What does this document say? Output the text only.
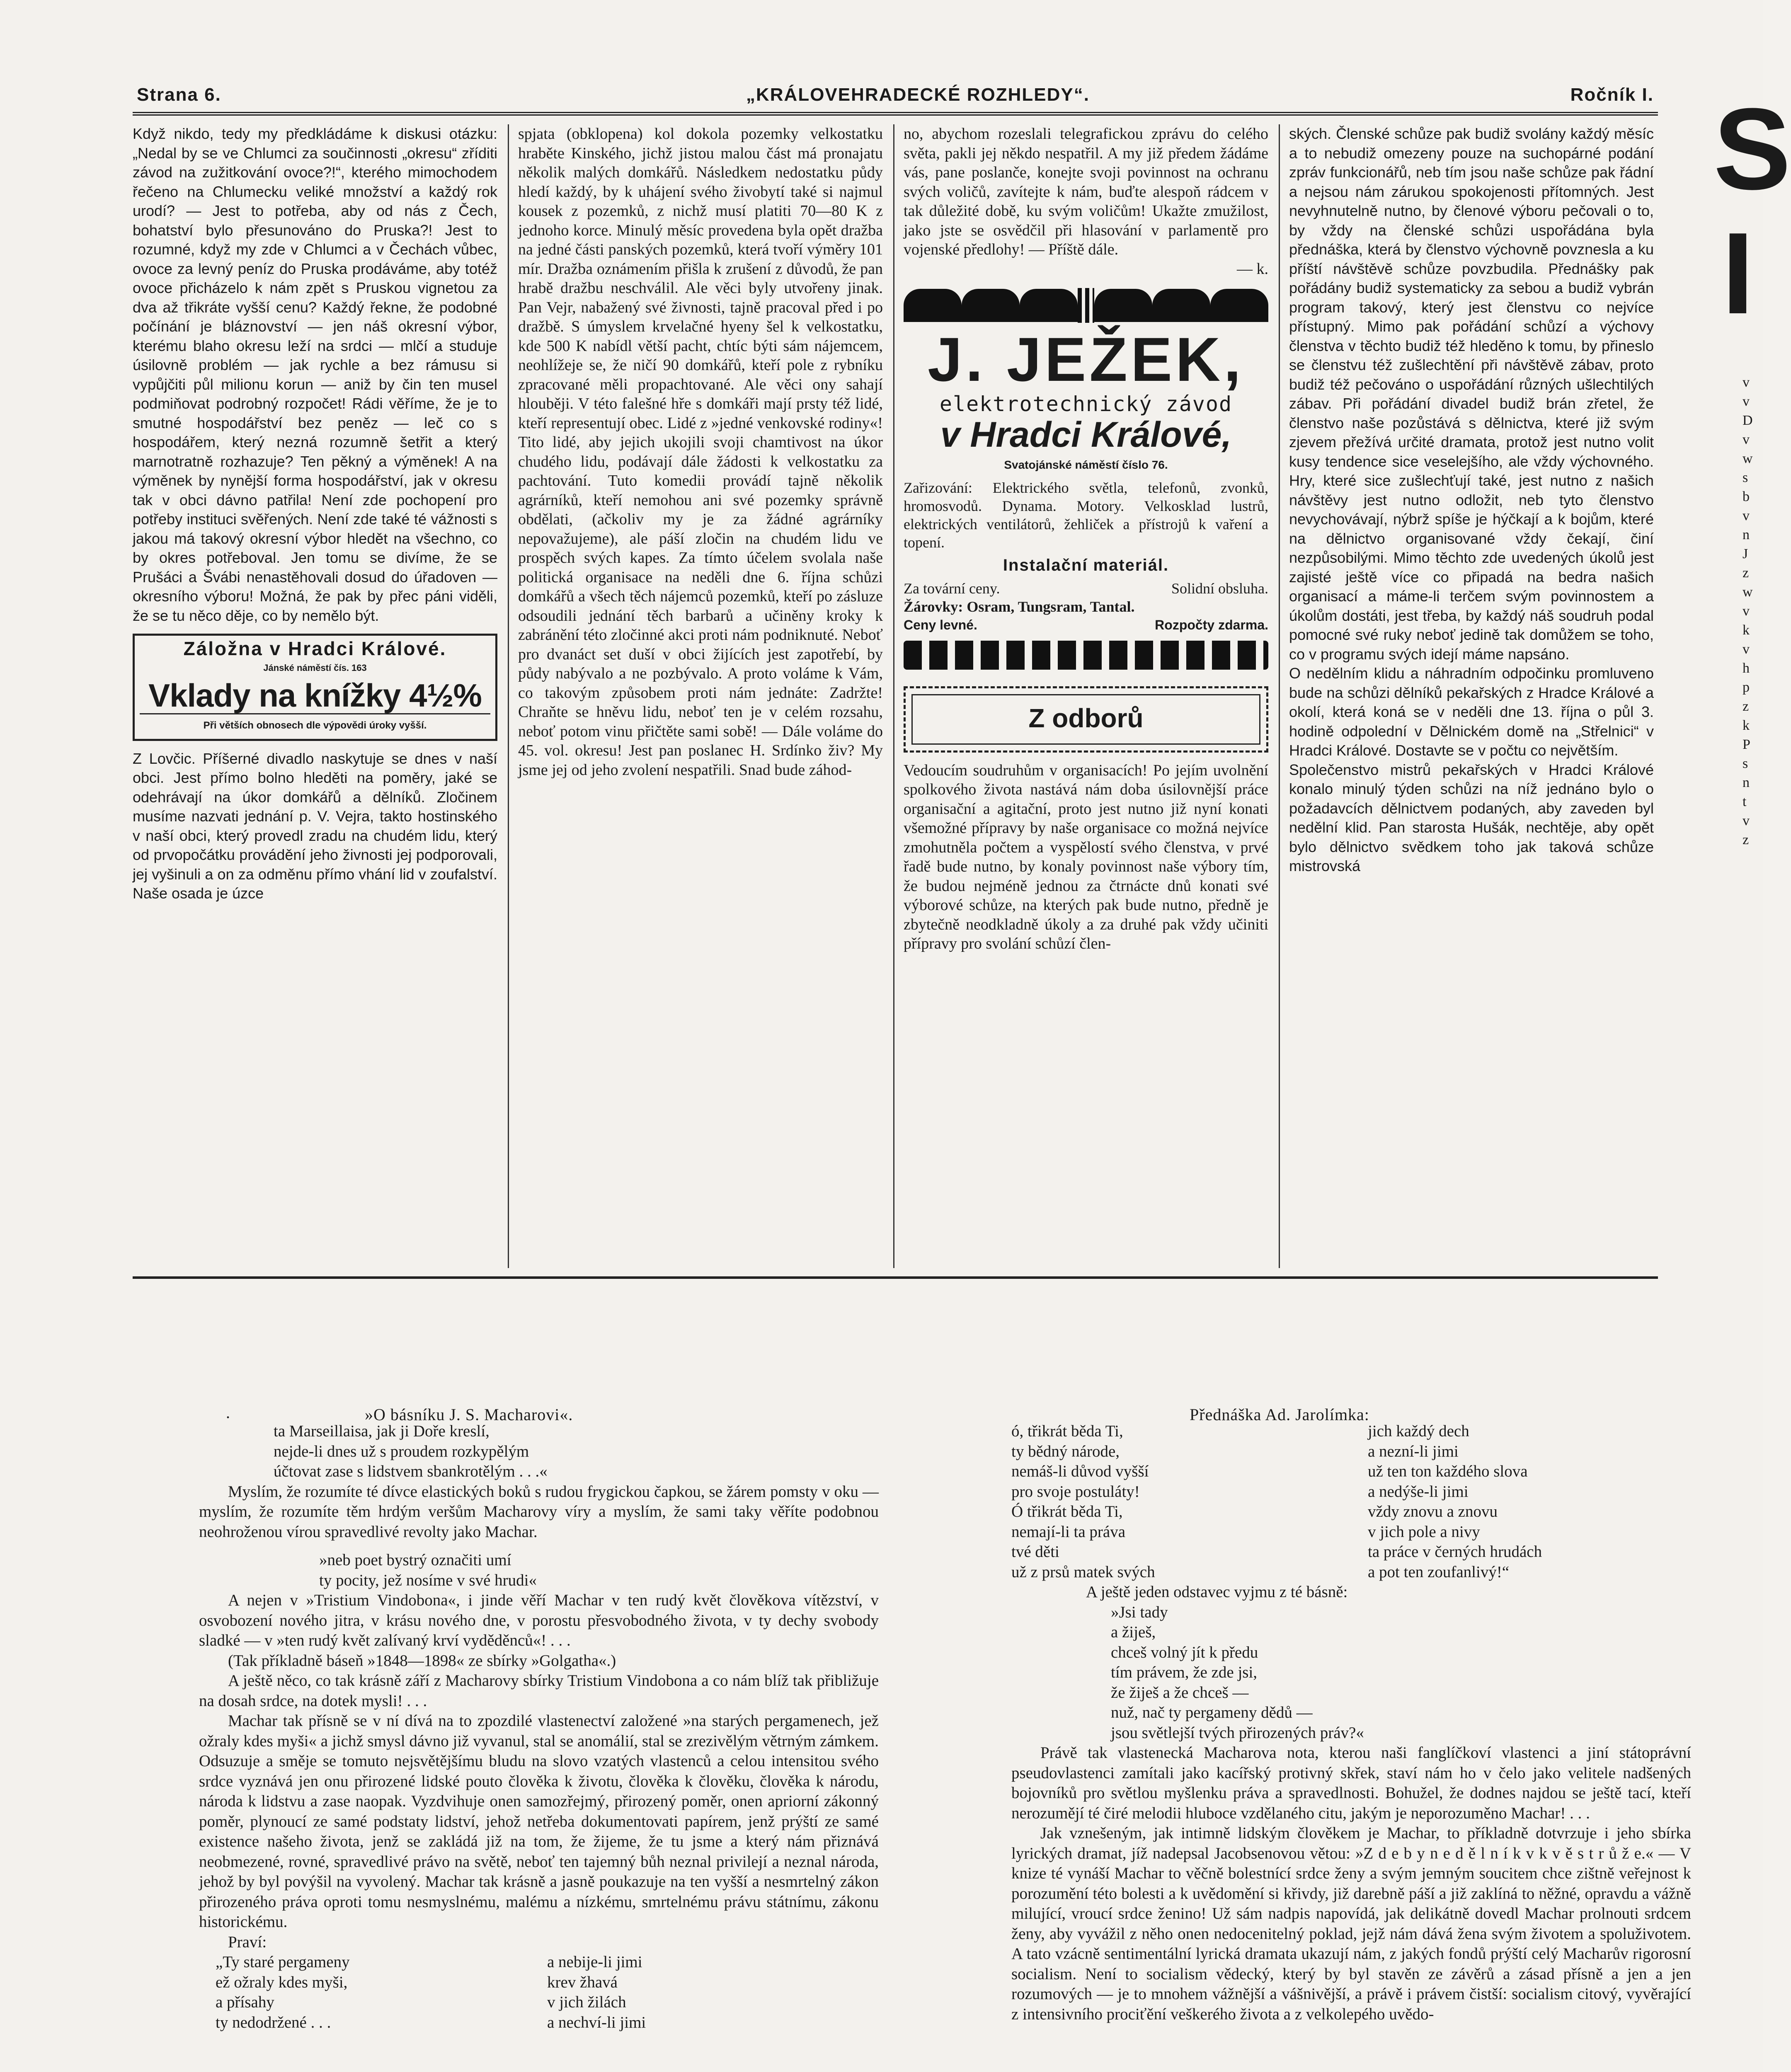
Strana 6.	„KRÁLOVEHRADECKÉ ROZHLEDY“.	Ročník I.

Když nikdo, tedy my předkládáme k diskusi otázku: „Nedal by se ve Chlumci za součinnosti „okresu“ zříditi závod na zužitkování ovoce?!“, kterého mimochodem řečeno na Chlumecku veliké množství a každý rok urodí? — Jest to potřeba, aby od nás z Čech, bohatství bylo přesunováno do Pruska?! Jest to rozumné, když my zde v Chlumci a v Čechách vůbec, ovoce za levný peníz do Pruska prodáváme, aby totéž ovoce přicházelo k nám zpět s Pruskou vignetou za dva až třikráte vyšší cenu? Každý řekne, že podobné počínání je bláznovství — jen náš okresní výbor, kterému blaho okresu leží na srdci — mlčí a studuje úsilovně problém — jak rychle a bez rámusu si vypůjčiti půl milionu korun — aniž by čin ten musel podmiňovat podrobný rozpočet! Rádi věříme, že je to smutné hospodářství bez peněz — leč co s hospodářem, který nezná rozumně šetřit a který marnotratně rozhazuje? Ten pěkný a výměnek! A na výměnek by nynější forma hospodářství, jak v okresu tak v obci dávno patřila! Není zde pochopení pro potřeby instituci svěřených. Není zde také té vážnosti s jakou má takový okresní výbor hledět na všechno, co by okres potřeboval. Jen tomu se divíme, že se Prušáci a Švábi nenastěhovali dosud do úřadoven — okresního výboru! Možná, že pak by přec páni viděli, že se tu něco děje, co by nemělo být.

Záložna v Hradci Králové.
Jánské náměstí čís. 163
Vklady na knížky 4½%
Při větších obnosech dle výpovědi úroky vyšší.

Z Lovčic. Příšerné divadlo naskytuje se dnes v naší obci. Jest přímo bolno hleděti na poměry, jaké se odehrávají na úkor domkářů a dělníků. Zločinem musíme nazvati jednání p. V. Vejra, takto hostinského v naší obci, který provedl zradu na chudém lidu, který od prvopočátku provádění jeho živnosti jej podporovali, jej vyšinuli a on za odměnu přímo vhání lid v zoufalství. Naše osada je úzce

spjata (obklopena) kol dokola pozemky velkostatku hraběte Kinského, jichž jistou malou část má pronajatu několik malých domkářů. Následkem nedostatku půdy hledí každý, by k uhájení svého živobytí také si najmul kousek z pozemků, z nichž musí platiti 70—80 K z jednoho korce. Minulý měsíc provedena byla opět dražba na jedné části panských pozemků, která tvoří výměry 101 mír. Dražba oznámením přišla k zrušení z důvodů, že pan hrabě dražbu neschválil. Ale věci byly utvořeny jinak. Pan Vejr, nabažený své živnosti, tajně pracoval před i po dražbě. S úmyslem krvelačné hyeny šel k velkostatku, kde 500 K nabídl větší pacht, chtíc býti sám nájemcem, neohlížeje se, že ničí 90 domkářů, kteří pole z rybníku zpracované měli propachtované. Ale věci ony sahají hlouběji. V této falešné hře s domkáři mají prsty též lidé, kteří representují obec. Lidé z »jedné venkovské rodiny«! Tito lidé, aby jejich ukojili svoji chamtivost na úkor chudého lidu, podávají dále žádosti k velkostatku za pachtování. Tuto komedii provádí tajně několik agrárníků, kteří nemohou ani své pozemky správně obdělati, (ačkoliv my je za žádné agrárníky nepovažujeme), ale páší zločin na chudém lidu ve prospěch svých kapes. Za tímto účelem svolala naše politická organisace na neděli dne 6. října schůzi domkářů a všech těch nájemců pozemků, kteří po zásluze odsoudili jednání těch barbarů a učiněny kroky k zabránění této zločinné akci proti nám podniknuté. Neboť pro dvanáct set duší v obci žijících jest zapotřebí, by půdy nabývalo a ne pozbývalo. A proto voláme k Vám, co takovým způsobem proti nám jednáte: Zadržte! Chraňte se hněvu lidu, neboť ten je v celém rozsahu, neboť potom vinu přičtěte sami sobě! — Dále voláme do 45. vol. okresu! Jest pan poslanec H. Srdínko živ? My jsme jej od jeho zvolení nespatřili. Snad bude záhod-

no, abychom rozeslali telegrafickou zprávu do celého světa, pakli jej někdo nespatřil. A my již předem žádáme vás, pane poslanče, konejte svoji povinnost na ochranu svých voličů, zavítejte k nám, buďte alespoň rádcem v tak důležité době, ku svým voličům! Ukažte zmužilost, jako jste se osvědčil při hlasování v parlamentě pro vojenské předlohy! — Příště dále.

— k.

J. JEŽEK,
elektrotechnický závod
v Hradci Králové,
Svatojánské náměstí číslo 76.
Zařizování: Elektrického světla, telefonů, zvonků, hromosvodů. Dynama. Motory. Velkosklad lustrů, elektrických ventilátorů, žehliček a přístrojů k vaření a topení.
Instalační materiál.
Za tovární ceny.	Solidní obsluha.
Žárovky: Osram, Tungsram, Tantal.
Ceny levné.	Rozpočty zdarma.
Z odborů

Vedoucím soudruhům v organisacích! Po jejím uvolnění spolkového života nastává nám doba úsilovnější práce organisační a agitační, proto jest nutno již nyní konati všemožné přípravy by naše organisace co možná nejvíce zmohutněla počtem a vyspělostí svého členstva, v prvé řadě bude nutno, by konaly povinnost naše výbory tím, že budou nejméně jednou za čtrnácte dnů konati své výborové schůze, na kterých pak bude nutno, předně je zbytečně neodkladně úkoly a za druhé pak vždy učiniti přípravy pro svolání schůzí člen-

ských. Členské schůze pak budiž svolány každý měsíc a to nebudiž omezeny pouze na suchopárné podání zpráv funkcionářů, neb tím jsou naše schůze pak řádní a nejsou nám zárukou spokojenosti přítomných. Jest nevyhnutelně nutno, by členové výboru pečovali o to, by vždy na členské schůzi uspořádána byla přednáška, která by členstvo výchovně povznesla a ku příští návštěvě schůze povzbudila. Přednášky pak pořádány budiž systematicky za sebou a budiž vybrán program takový, který jest členstvu co nejvíce přístupný. Mimo pak pořádání schůzí a výchovy členstva v těchto budiž též hleděno k tomu, by přineslo se členstvu též zušlechtění při návštěvě zábav, proto budiž též pečováno o uspořádání různých ušlechtilých zábav. Při pořádání divadel budiž brán zřetel, že členstvo naše pozůstává s dělnictva, které již svým zjevem přežívá určité dramata, protož jest nutno volit kusy tendence sice veselejšího, ale vždy výchovného. Hry, které sice zušlechťují také, jest nutno z našich návštěvy jest nutno odložit, neb tyto členstvo nevychovávají, nýbrž spíše je hýčkají a k bojům, které na dělnictvo organisované vždy čekají, činí nezpůsobilými. Mimo těchto zde uvedených úkolů jest zajisté ještě více co připadá na bedra našich organisací a máme-li terčem svým povinnostem a úkolům dostáti, jest třeba, by každý náš soudruh podal pomocné své ruky neboť jedině tak domůžem se toho, co v programu svých idejí máme napsáno.

O nedělním klidu a náhradním odpočinku promluveno bude na schůzi dělníků pekařských z Hradce Králové a okolí, která koná se v neděli dne 13. října o půl 3. hodině odpolední v Dělnickém domě na „Střelnici“ v Hradci Králové. Dostavte se v počtu co největším.

Společenstvo mistrů pekařských v Hradci Králové konalo minulý týden schůzi na níž jednáno bylo o požadavcích dělnictvem podaných, aby zaveden byl nedělní klid. Pan starosta Hušák, nechtěje, aby opět bylo dělnictvo svědkem toho jak taková schůze mistrovská

.	»O básníku J. S. Macharovi«.	Přednáška Ad. Jarolímka:

ta Marseillaisa, jak ji Doře kreslí,

nejde-li dnes už s proudem rozkypělým

účtovat zase s lidstvem sbankrotělým . . .«

Myslím, že rozumíte té dívce elastických boků s rudou frygickou čapkou, se žárem pomsty v oku — myslím, že rozumíte těm hrdým veršům Macharovy víry a myslím, že sami taky věříte podobnou neohroženou vírou spravedlivé revolty jako Machar.

»neb poet bystrý označiti umí

ty pocity, jež nosíme v své hrudi«

A nejen v »Tristium Vindobona«, i jinde věří Machar v ten rudý květ člověkova vítězství, v osvobození nového jitra, v krásu nového dne, v porostu přesvobodného života, v ty dechy svobody sladké — v »ten rudý květ zalívaný krví vyděděnců«! . . .

(Tak příkladně báseň »1848—1898« ze sbírky »Golgatha«.)

A ještě něco, co tak krásně září z Macharovy sbírky Tristium Vindobona a co nám blíž tak přibližuje na dosah srdce, na dotek mysli! . . .

Machar tak přísně se v ní dívá na to zpozdilé vlastenectví založené »na starých pergamenech, jež ožraly kdes myši« a jichž smysl dávno již vyvanul, stal se anomálií, stal se zrezivělým větrným zámkem. Odsuzuje a směje se tomuto nejsvětějšímu bludu na slovo vzatých vlastenců a celou intensitou svého srdce vyznává jen onu přirozené lidské pouto člověka k životu, člověka k člověku, člověka k národu, národa k lidstvu a zase naopak. Vyzdvihuje onen samozřejmý, přirozený poměr, onen apriorní zákonný poměr, plynoucí ze samé podstaty lidství, jehož netřeba dokumentovati papírem, jenž prýští ze samé existence našeho života, jenž se zakládá již na tom, že žijeme, že tu jsme a který nám přiznává neobmezené, rovné, spravedlivé právo na světě, neboť ten tajemný bůh neznal privilejí a neznal národa, jehož by byl povýšil na vyvolený. Machar tak krásně a jasně poukazuje na ten vyšší a nesmrtelný zákon přirozeného práva oproti tomu nesmyslnému, malému a nízkému, smrtelnému právu státnímu, zákonu historickému.

Praví:

„Ty staré pergameny

ež ožraly kdes myši,

a přísahy

ty nedodržené . . .

a nebije-li jimi

krev žhavá

v jich žilách

a nechví-li jimi

ó, třikrát běda Ti,

ty bědný národe,

nemáš-li důvod vyšší

pro svoje postuláty!

Ó třikrát běda Ti,

nemají-li ta práva

tvé děti

už z prsů matek svých

jich každý dech

a nezní-li jimi

už ten ton každého slova

a nedýše-li jimi

vždy znovu a znovu

v jich pole a nivy

ta práce v černých hrudách

a pot ten zoufanlivý!“

A ještě jeden odstavec vyjmu z té básně:

»Jsi tady

a žiješ,

chceš volný jít k předu

tím právem, že zde jsi,

že žiješ a že chceš —

nuž, nač ty pergameny dědů —

jsou světlejší tvých přirozených práv?«

Právě tak vlastenecká Macharova nota, kterou naši fanglíčkoví vlastenci a jiní státoprávní pseudovlastenci zamítali jako kacířský protivný skřek, staví nám ho v čelo jako velitele nadšených bojovníků pro světlou myšlenku práva a spravedlnosti. Bohužel, že dodnes najdou se ještě tací, kteří nerozumějí té čiré melodii hluboce vzdělaného citu, jakým je neporozuměno Machar! . . .

Jak vznešeným, jak intimně lidským člověkem je Machar, to příkladně dotvrzuje i jeho sbírka lyrických dramat, jíž nadepsal Jacobsenovou větou: »Z d e b y n e d ě l n í k v k v ě s t r ů ž e.« — V knize té vynáší Machar to věčně bolestnící srdce ženy a svým jemným soucitem chce zištně veřejnost k porozumění této bolesti a k uvědomění si křivdy, již darebně páší a již zaklíná to něžné, opravdu a vážně milující, vroucí srdce ženino! Už sám nadpis napovídá, jak delikátně dovedl Machar prolnouti srdcem ženy, aby vyvážil z něho onen nedocenitelný poklad, jejž nám dává žena svým životem a spoluživotem. A tato vzácně sentimentální lyrická dramata ukazují nám, z jakých fondů prýští celý Macharův rigorosní socialism. Není to socialism vědecký, který by byl stavěn ze závěrů a zásad přísně a jen a jen rozumových — je to mnohem vážnější a vášnivější, a právě i právem čistší: socialism citový, vyvěrající z intensivního prociťění veškerého života a z velkolepého uvědo-

S
I
v
v
D
v
w
s
b
v
n
J
z
w
v
k
v
h
p
z
k
P
s
n
t
v
z
